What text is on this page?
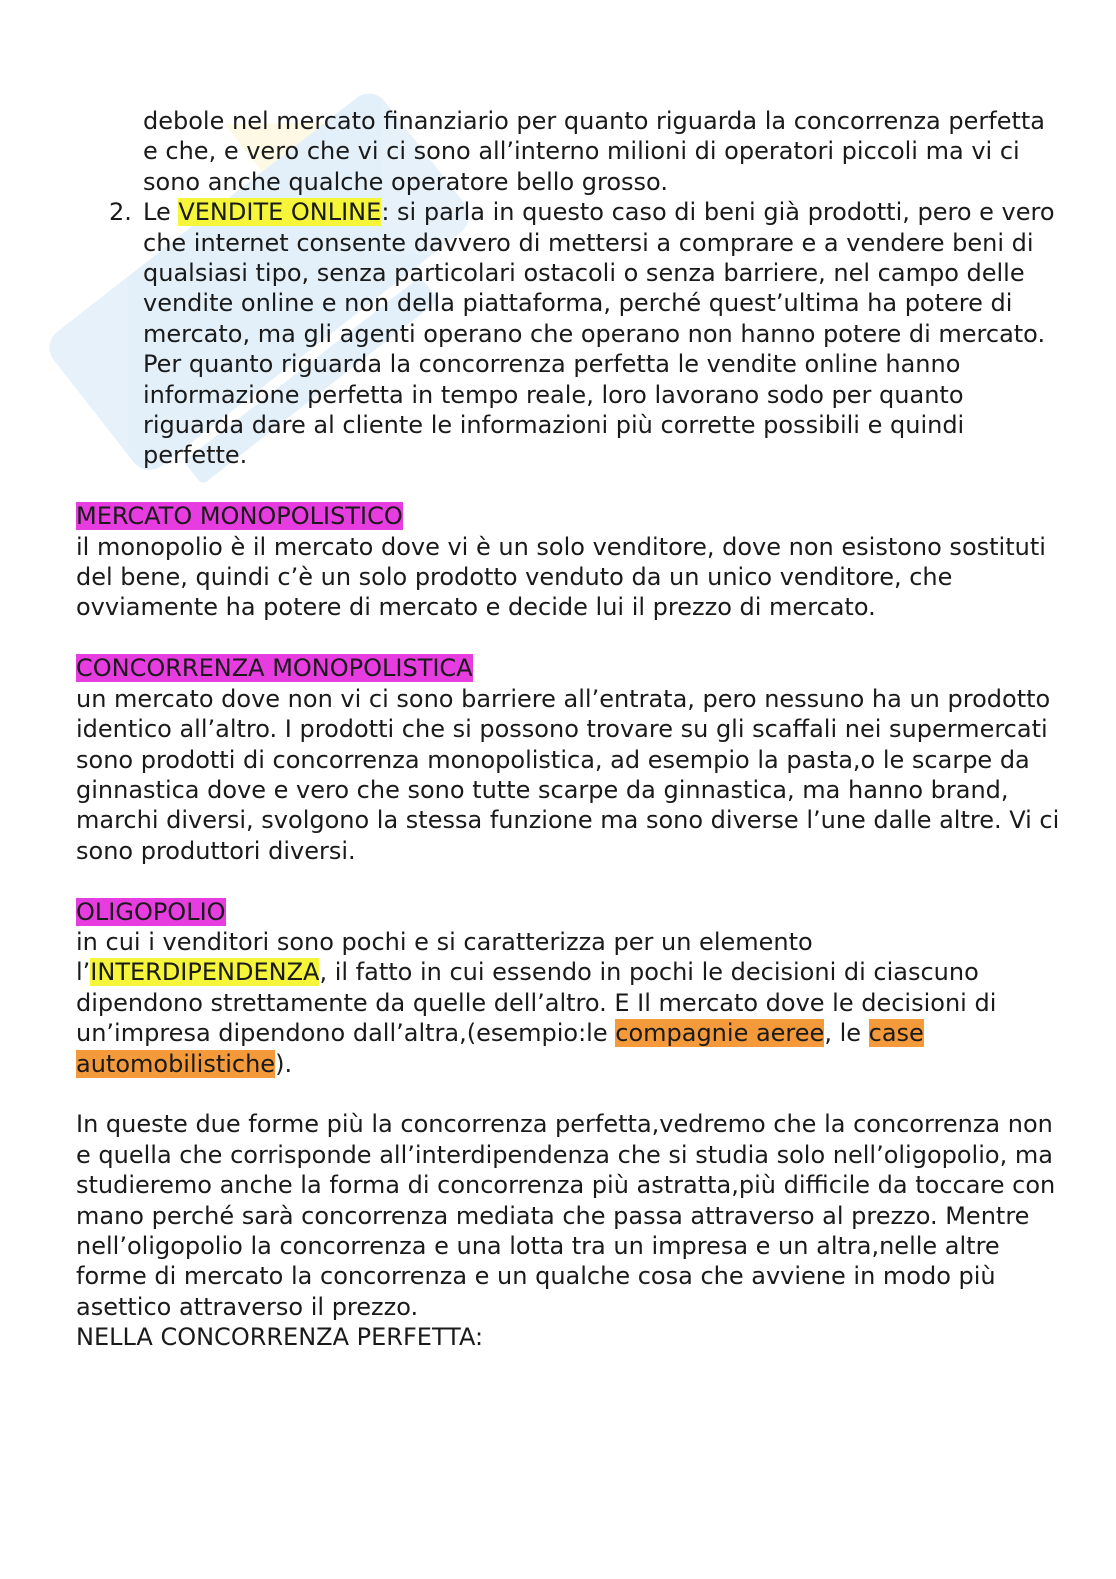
debole nel mercato finanziario per quanto riguarda la concorrenza perfetta e che, e vero che vi ci sono all’interno milioni di operatori piccoli ma vi ci sono anche qualche operatore bello grosso.

2. Le VENDITE ONLINE: si parla in questo caso di beni già prodotti, pero e vero che internet consente davvero di mettersi a comprare e a vendere beni di qualsiasi tipo, senza particolari ostacoli o senza barriere, nel campo delle vendite online e non della piattaforma, perché quest’ultima ha potere di mercato, ma gli agenti operano che operano non hanno potere di mercato. Per quanto riguarda la concorrenza perfetta le vendite online hanno informazione perfetta in tempo reale, loro lavorano sodo per quanto riguarda dare al cliente le informazioni più corrette possibili e quindi perfette.
MERCATO MONOPOLISTICO

il monopolio è il mercato dove vi è un solo venditore, dove non esistono sostituti del bene, quindi c’è un solo prodotto venduto da un unico venditore, che ovviamente ha potere di mercato e decide lui il prezzo di mercato.

CONCORRENZA MONOPOLISTICA

un mercato dove non vi ci sono barriere all’entrata, pero nessuno ha un prodotto identico all’altro. I prodotti che si possono trovare su gli scaffali nei supermercati sono prodotti di concorrenza monopolistica, ad esempio la pasta,o le scarpe da ginnastica dove e vero che sono tutte scarpe da ginnastica, ma hanno brand, marchi diversi, svolgono la stessa funzione ma sono diverse l’une dalle altre. Vi ci sono produttori diversi.

OLIGOPOLIO

in cui i venditori sono pochi e si caratterizza per un elemento l’INTERDIPENDENZA, il fatto in cui essendo in pochi le decisioni di ciascuno dipendono strettamente da quelle dell’altro. E Il mercato dove le decisioni di un’impresa dipendono dall’altra,(esempio:le compagnie aeree, le case automobilistiche).

In queste due forme più la concorrenza perfetta,vedremo che la concorrenza non e quella che corrisponde all’interdipendenza che si studia solo nell’oligopolio, ma studieremo anche la forma di concorrenza più astratta,più difficile da toccare con mano perché sarà concorrenza mediata che passa attraverso al prezzo. Mentre nell’oligopolio la concorrenza e una lotta tra un impresa e un altra,nelle altre forme di mercato la concorrenza e un qualche cosa che avviene in modo più asettico attraverso il prezzo.

NELLA CONCORRENZA PERFETTA:
